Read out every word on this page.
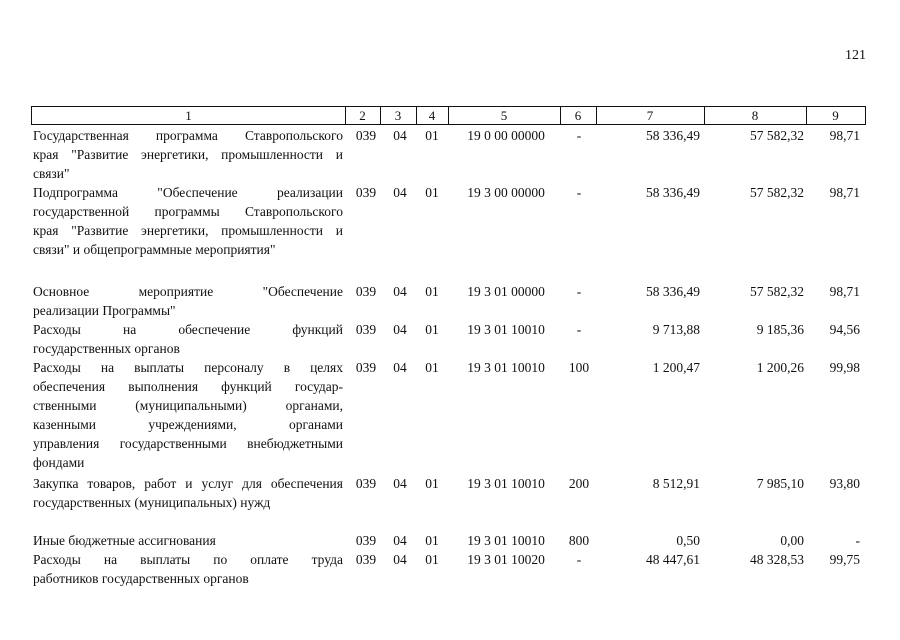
121
1	2	3	4	5	6	7	8	9
Государственная программа Ставропольского
края "Развитие энергетики, промышленности и
связи"
039	04	01	19 0 00 00000	-	58 336,49	57 582,32	98,71
Подпрограмма "Обеспечение реализации
государственной программы Ставропольского
края "Развитие энергетики, промышленности и
связи" и общепрограммные мероприятия"
039	04	01	19 3 00 00000	-	58 336,49	57 582,32	98,71
Основное мероприятие "Обеспечение
реализации Программы"
039	04	01	19 3 01 00000	-	58 336,49	57 582,32	98,71
Расходы на обеспечение функций
государственных органов
039	04	01	19 3 01 10010	-	9 713,88	9 185,36	94,56
Расходы на выплаты персоналу в целях
обеспечения выполнения функций государ-
ственными (муниципальными) органами,
казенными учреждениями, органами
управления государственными внебюджетными
фондами
039	04	01	19 3 01 10010	100	1 200,47	1 200,26	99,98
Закупка товаров, работ и услуг для обеспечения
государственных (муниципальных) нужд
039	04	01	19 3 01 10010	200	8 512,91	7 985,10	93,80
Иные бюджетные ассигнования	039	04	01	19 3 01 10010	800	0,50	0,00	-
Расходы на выплаты по оплате труда
работников государственных органов
039	04	01	19 3 01 10020	-	48 447,61	48 328,53	99,75
